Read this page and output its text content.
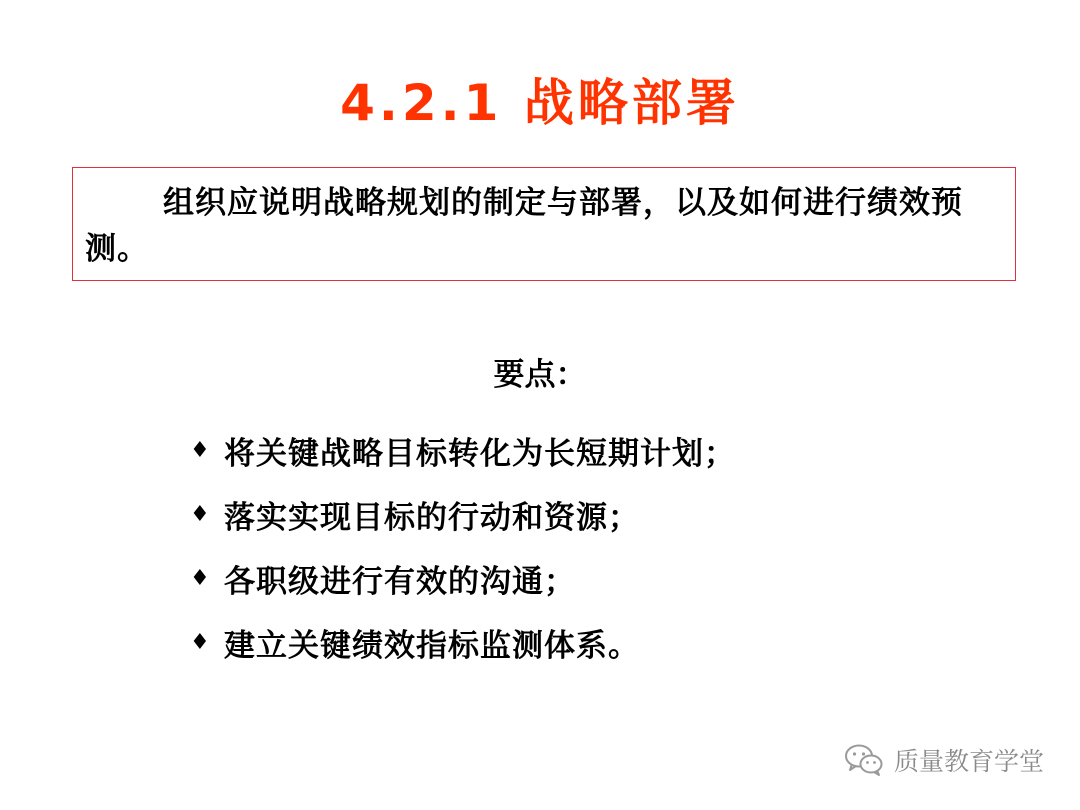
4.2.1 战略部署
组织应说明战略规划的制定与部署，以及如何进行绩效预测。
要点：
♦ 将关键战略目标转化为长短期计划；
♦ 落实实现目标的行动和资源；
♦ 各职级进行有效的沟通；
♦ 建立关键绩效指标监测体系。
质量教育学堂
